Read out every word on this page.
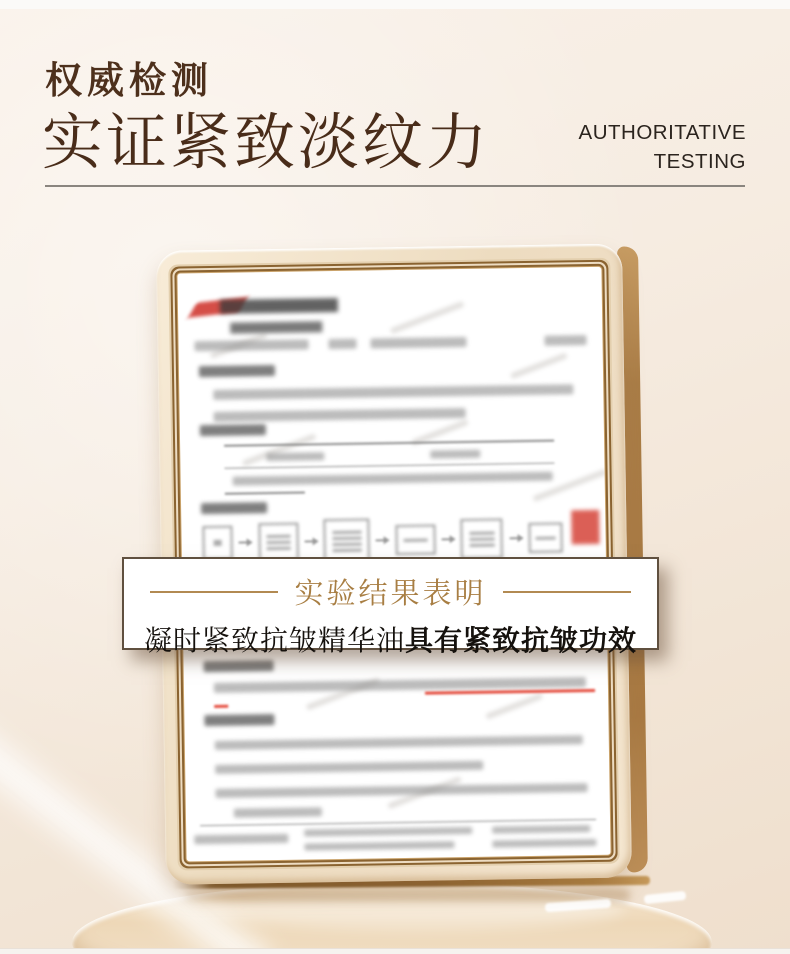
权威检测
实证紧致淡纹力	AUTHORITATIVE
TESTING
实验结果表明
凝时紧致抗皱精华油具有紧致抗皱功效
